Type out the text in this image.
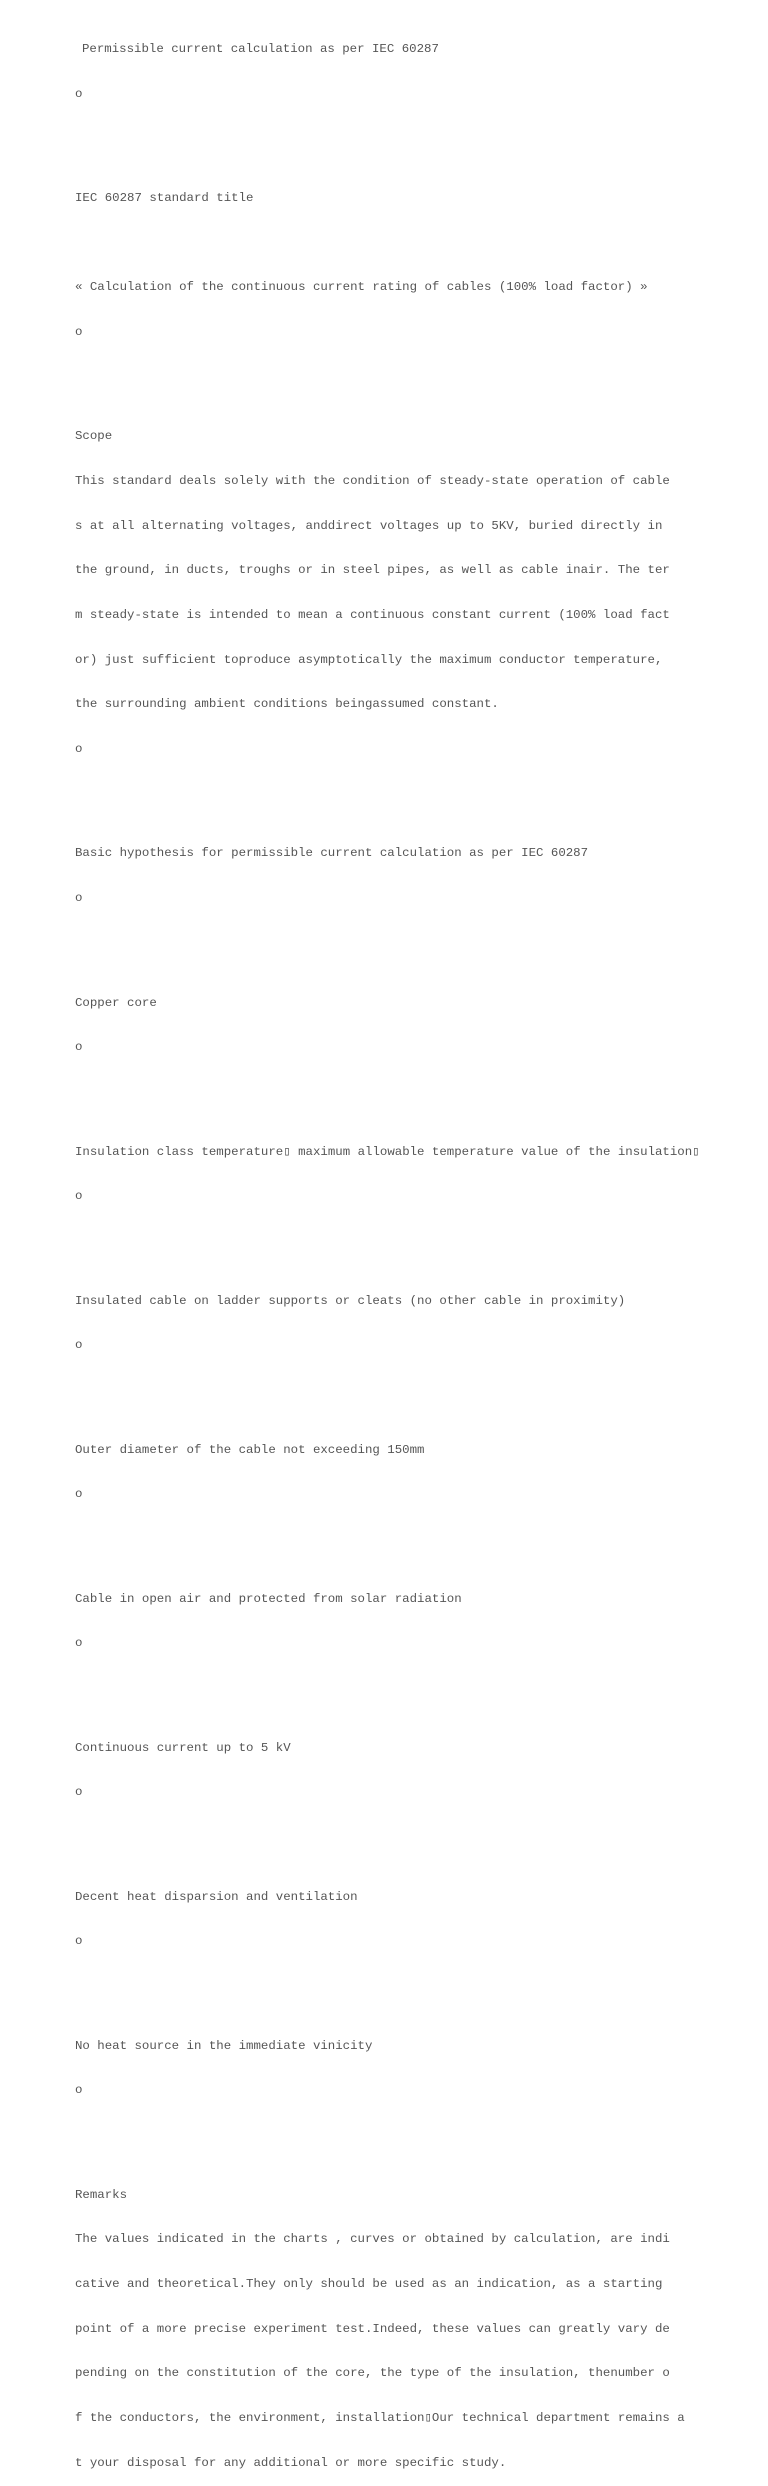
Permissible current calculation as per IEC 60287

o

IEC 60287 standard title

« Calculation of the continuous current rating of cables (100% load factor) »

o

Scope

This standard deals solely with the condition of steady-state operation of cable

s at all alternating voltages, anddirect voltages up to 5KV, buried directly in

the ground, in ducts, troughs or in steel pipes, as well as cable inair. The ter

m steady-state is intended to mean a continuous constant current (100% load fact

or) just sufficient toproduce asymptotically the maximum conductor temperature,

the surrounding ambient conditions beingassumed constant.

o

Basic hypothesis for permissible current calculation as per IEC 60287

o

Copper core

o

Insulation class temperature▯ maximum allowable temperature value of the insulation▯

o

Insulated cable on ladder supports or cleats (no other cable in proximity)

o

Outer diameter of the cable not exceeding 150mm

o

Cable in open air and protected from solar radiation

o

Continuous current up to 5 kV

o

Decent heat disparsion and ventilation

o

No heat source in the immediate vinicity

o

Remarks

The values indicated in the charts , curves or obtained by calculation, are indi

cative and theoretical.They only should be used as an indication, as a starting

point of a more precise experiment test.Indeed, these values can greatly vary de

pending on the constitution of the core, the type of the insulation, thenumber o

f the conductors, the environment, installation▯Our technical department remains a

t your disposal for any additional or more specific study.
